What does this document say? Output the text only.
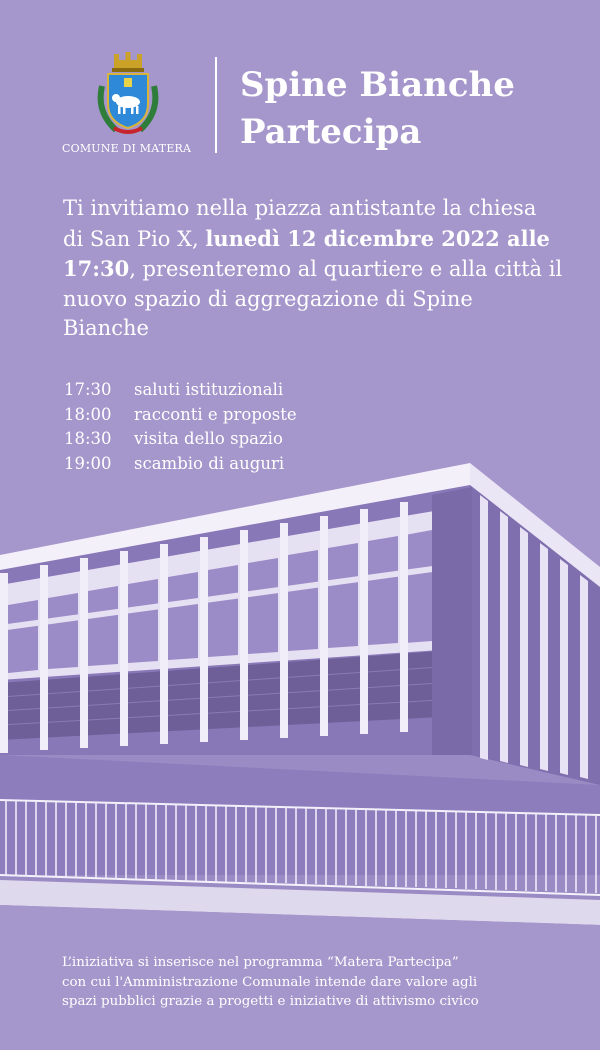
COMUNE DI MATERA
Spine Bianche
Partecipa
Ti invitiamo nella piazza antistante la chiesa di San Pio X, lunedì 12 dicembre 2022 alle 17:30, presenteremo al quartiere e alla città il nuovo spazio di aggregazione di Spine Bianche
17:30	saluti istituzionali
18:00	racconti e proposte
18:30	visita dello spazio
19:00	scambio di auguri
L’iniziativa si inserisce nel programma “Matera Partecipa”
con cui l'Amministrazione Comunale intende dare valore agli
spazi pubblici grazie a progetti e iniziative di attivismo civico
